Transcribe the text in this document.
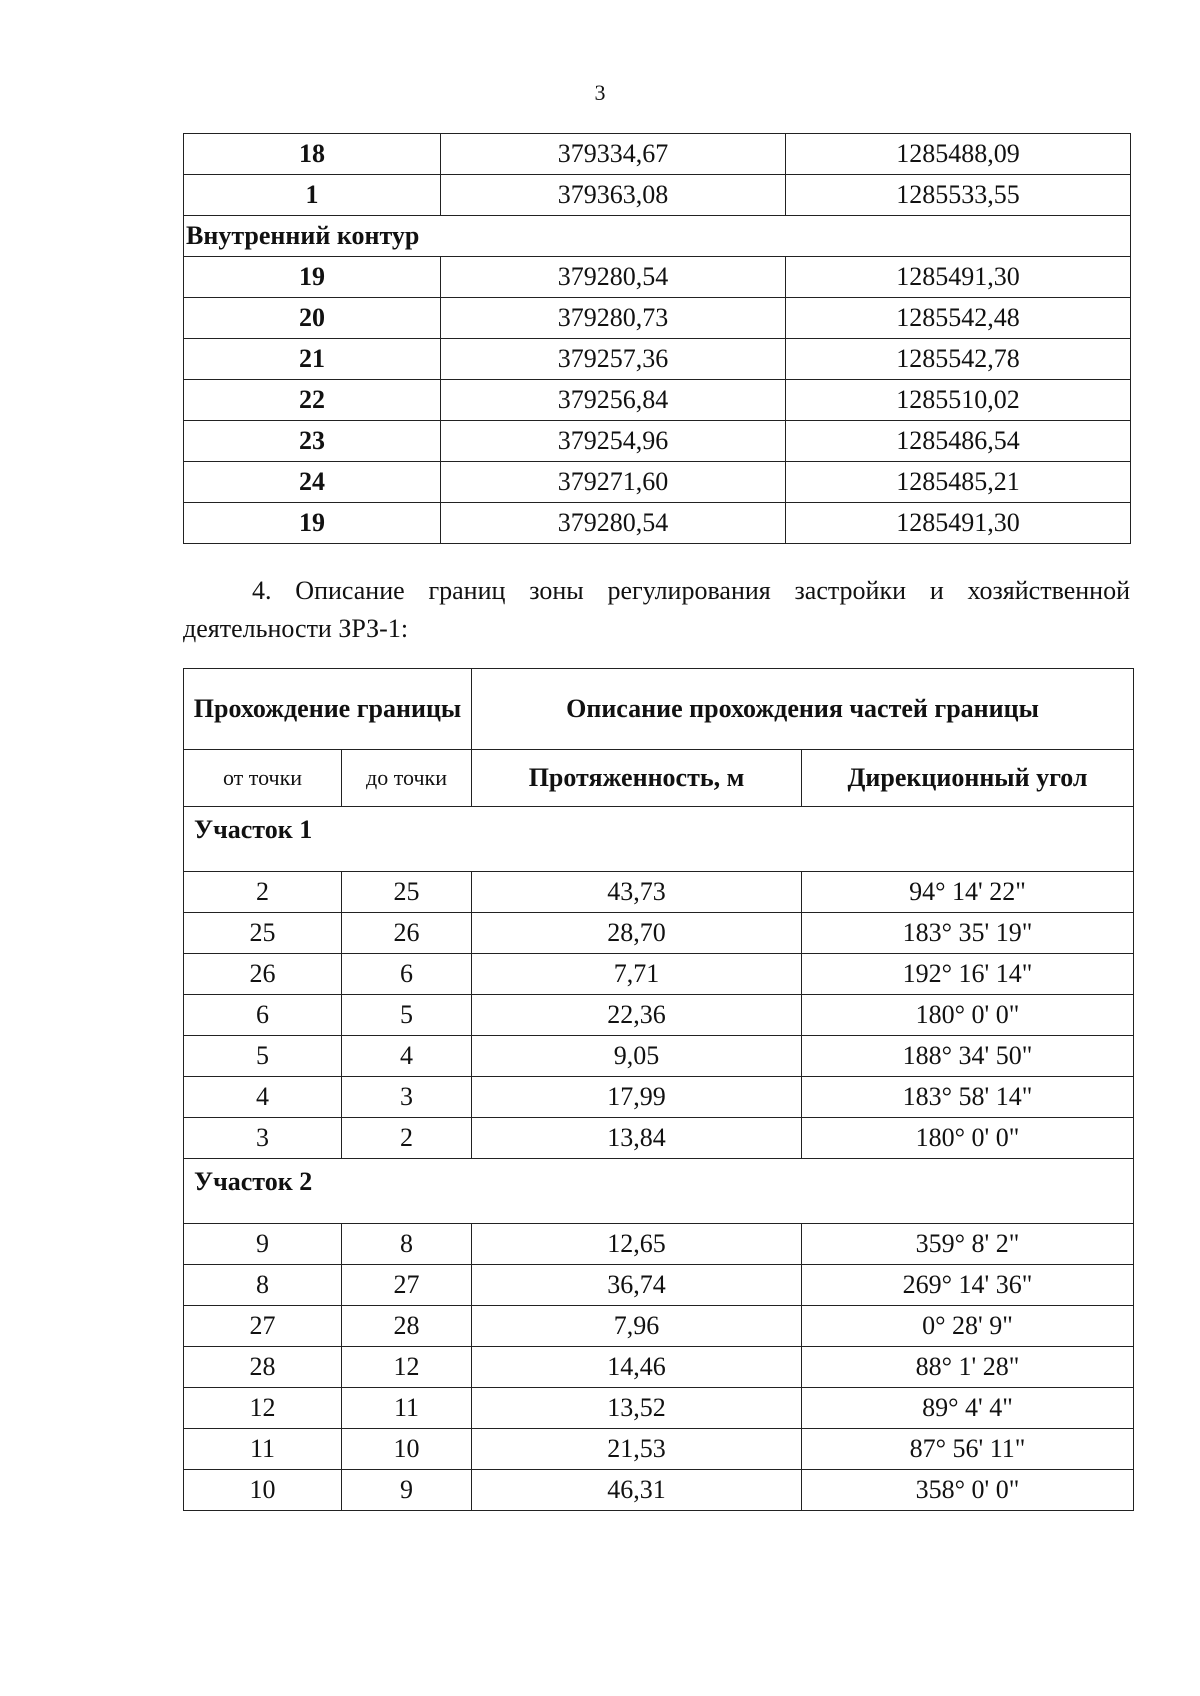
3
18	379334,67	1285488,09
1	379363,08	1285533,55
Внутренний контур		
19	379280,54	1285491,30
20	379280,73	1285542,48
21	379257,36	1285542,78
22	379256,84	1285510,02
23	379254,96	1285486,54
24	379271,60	1285485,21
19	379280,54	1285491,30
4. Описание границ зоны регулирования застройки и хозяйственной деятельности ЗРЗ-1:
Прохождение границы		Описание прохождения частей границы	
от точки	до точки	Протяженность, м	Дирекционный угол
Участок 1			
2	25	43,73	94° 14' 22"
25	26	28,70	183° 35' 19"
26	6	7,71	192° 16' 14"
6	5	22,36	180° 0' 0"
5	4	9,05	188° 34' 50"
4	3	17,99	183° 58' 14"
3	2	13,84	180° 0' 0"
Участок 2			
9	8	12,65	359° 8' 2"
8	27	36,74	269° 14' 36"
27	28	7,96	0° 28' 9"
28	12	14,46	88° 1' 28"
12	11	13,52	89° 4' 4"
11	10	21,53	87° 56' 11"
10	9	46,31	358° 0' 0"
